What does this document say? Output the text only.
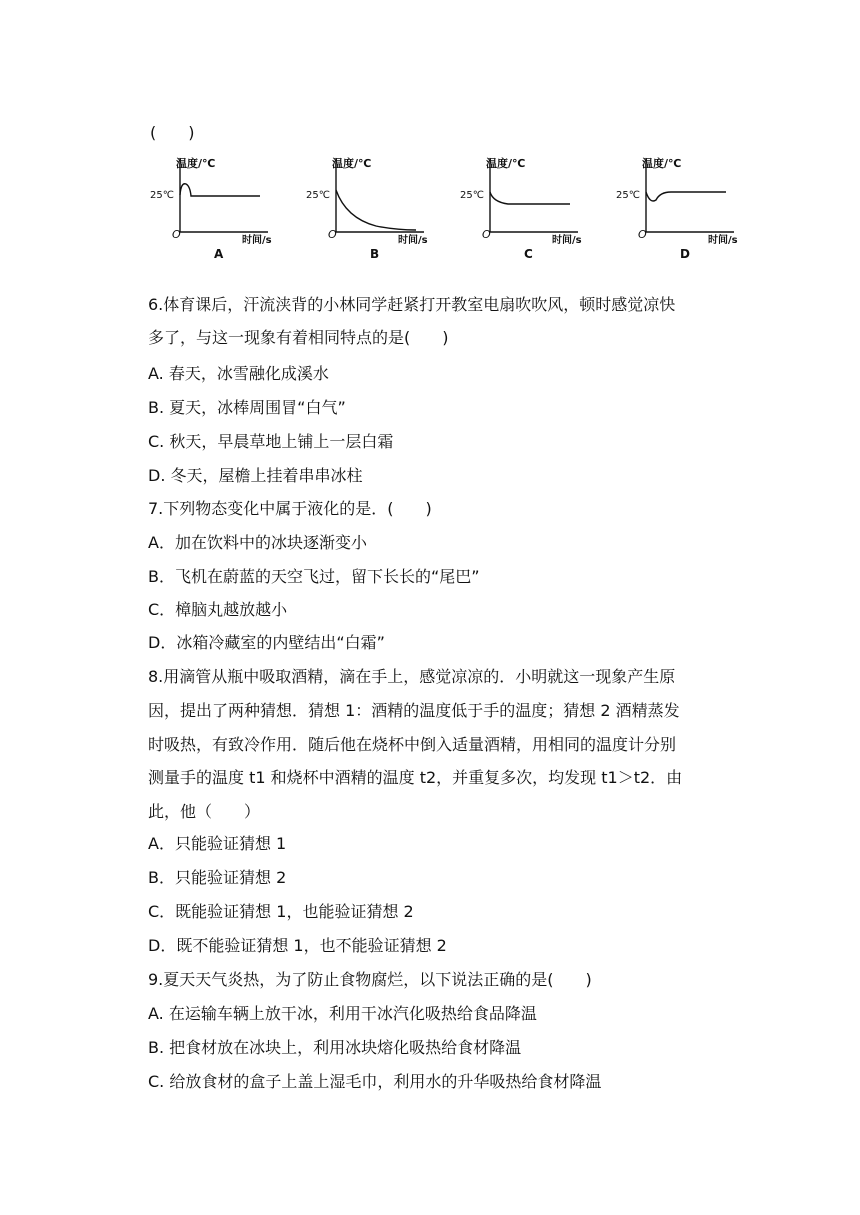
(　　)
温度/℃
25℃
O	时间/s
A
温度/℃
25℃
O	时间/s
B
温度/℃
25℃
O	时间/s
C
温度/℃
25℃
O	时间/s
D
6.体育课后，汗流浃背的小林同学赶紧打开教室电扇吹吹风，顿时感觉凉快
多了，与这一现象有着相同特点的是(　　)
A. 春天，冰雪融化成溪水
B. 夏天，冰棒周围冒“白气”
C. 秋天，早晨草地上铺上一层白霜
D. 冬天，屋檐上挂着串串冰柱
7.下列物态变化中属于液化的是．(　　)
A．加在饮料中的冰块逐渐变小
B．飞机在蔚蓝的天空飞过，留下长长的“尾巴”
C．樟脑丸越放越小
D．冰箱冷藏室的内壁结出“白霜”
8.用滴管从瓶中吸取酒精，滴在手上，感觉凉凉的．小明就这一现象产生原
因，提出了两种猜想．猜想 1：酒精的温度低于手的温度；猜想 2 酒精蒸发
时吸热，有致冷作用．随后他在烧杯中倒入适量酒精，用相同的温度计分别
测量手的温度 t1 和烧杯中酒精的温度 t2，并重复多次，均发现 t1＞t2．由
此，他（　　）
A．只能验证猜想 1
B．只能验证猜想 2
C．既能验证猜想 1，也能验证猜想 2
D．既不能验证猜想 1，也不能验证猜想 2
9.夏天天气炎热，为了防止食物腐烂，以下说法正确的是(　　)
A. 在运输车辆上放干冰，利用干冰汽化吸热给食品降温
B. 把食材放在冰块上，利用冰块熔化吸热给食材降温
C. 给放食材的盒子上盖上湿毛巾，利用水的升华吸热给食材降温
